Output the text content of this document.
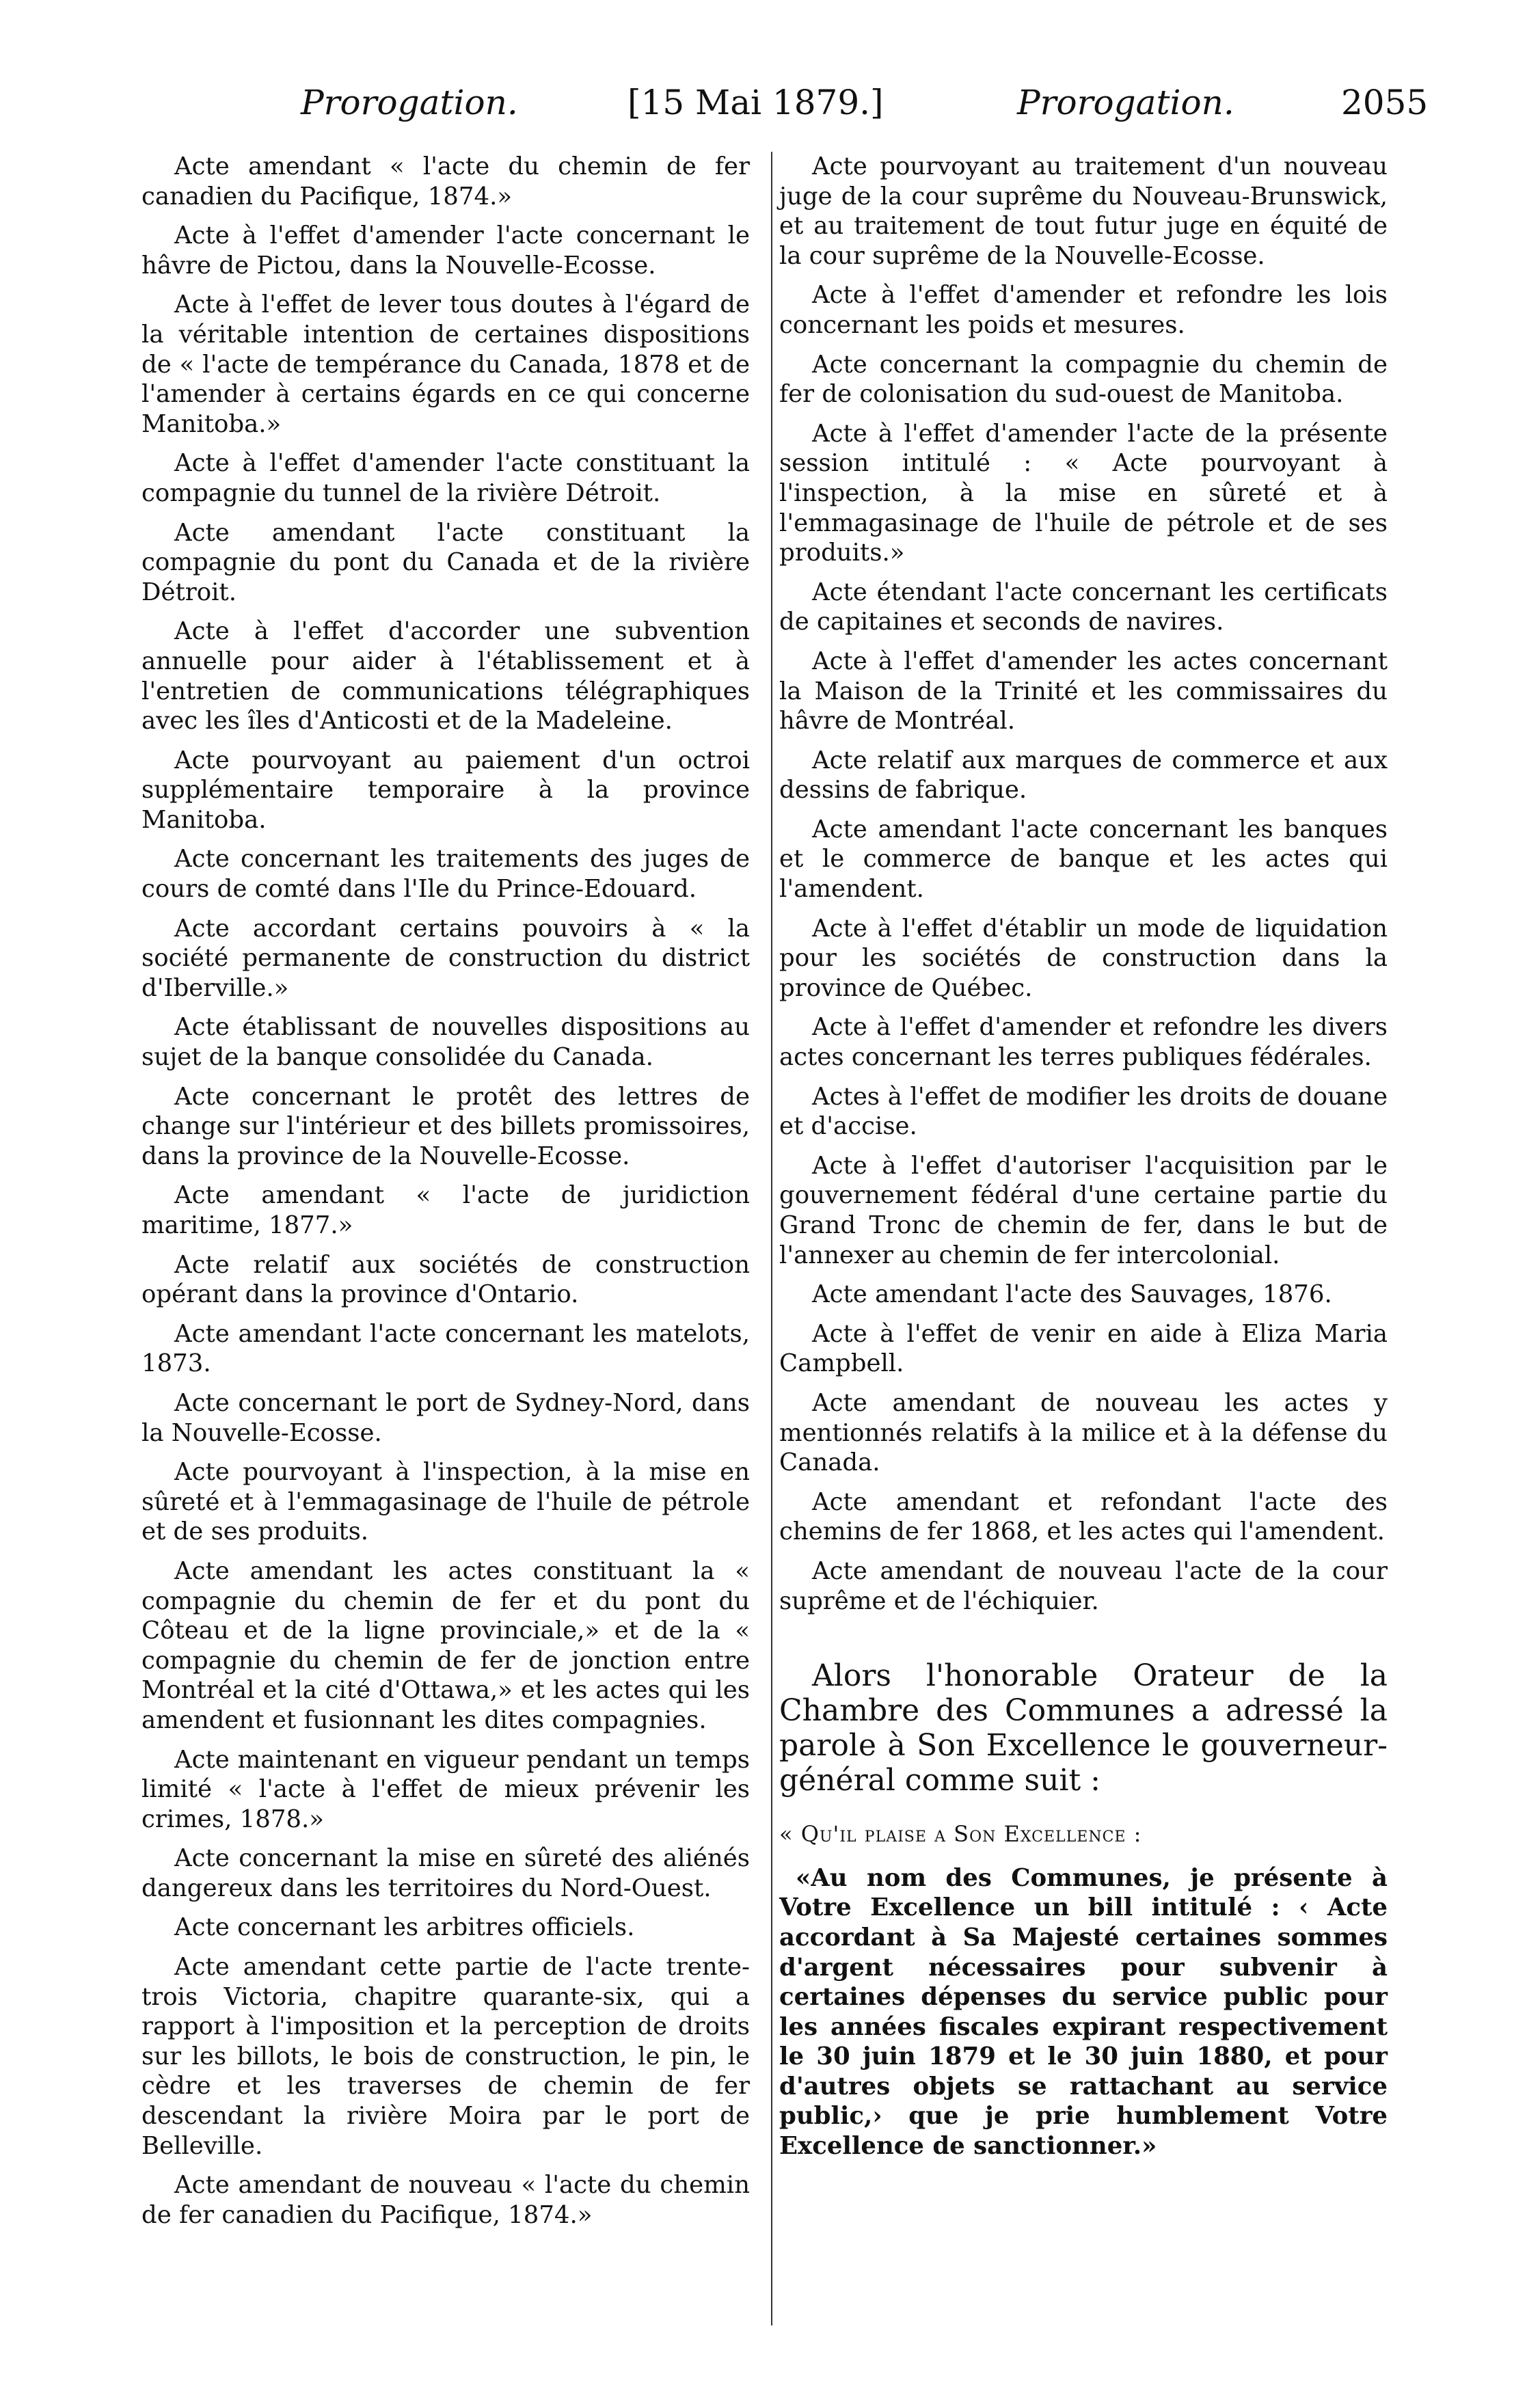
Prorogation.	[15 Mai 1879.]	Prorogation.	2055

Acte amendant « l'acte du chemin de fer canadien du Pacifique, 1874.»

Acte à l'effet d'amender l'acte concernant le hâvre de Pictou, dans la Nouvelle-Ecosse.

Acte à l'effet de lever tous doutes à l'égard de la véritable intention de certaines dispositions de « l'acte de tempérance du Canada, 1878 et de l'amender à certains égards en ce qui concerne Manitoba.»

Acte à l'effet d'amender l'acte constituant la compagnie du tunnel de la rivière Détroit.

Acte amendant l'acte constituant la compagnie du pont du Canada et de la rivière Détroit.

Acte à l'effet d'accorder une subvention annuelle pour aider à l'établissement et à l'entretien de communications télégraphiques avec les îles d'Anticosti et de la Madeleine.

Acte pourvoyant au paiement d'un octroi supplémentaire temporaire à la province Manitoba.

Acte concernant les traitements des juges de cours de comté dans l'Ile du Prince-Edouard.

Acte accordant certains pouvoirs à « la société permanente de construction du district d'Iberville.»

Acte établissant de nouvelles dispositions au sujet de la banque consolidée du Canada.

Acte concernant le protêt des lettres de change sur l'intérieur et des billets promissoires, dans la province de la Nouvelle-Ecosse.

Acte amendant « l'acte de juridiction maritime, 1877.»

Acte relatif aux sociétés de construction opérant dans la province d'Ontario.

Acte amendant l'acte concernant les matelots, 1873.

Acte concernant le port de Sydney-Nord, dans la Nouvelle-Ecosse.

Acte pourvoyant à l'inspection, à la mise en sûreté et à l'emmagasinage de l'huile de pétrole et de ses produits.

Acte amendant les actes constituant la « compagnie du chemin de fer et du pont du Côteau et de la ligne provinciale,» et de la « compagnie du chemin de fer de jonction entre Montréal et la cité d'Ottawa,» et les actes qui les amendent et fusionnant les dites compagnies.

Acte maintenant en vigueur pendant un temps limité « l'acte à l'effet de mieux prévenir les crimes, 1878.»

Acte concernant la mise en sûreté des aliénés dangereux dans les territoires du Nord-Ouest.

Acte concernant les arbitres officiels.

Acte amendant cette partie de l'acte trente-trois Victoria, chapitre quarante-six, qui a rapport à l'imposition et la perception de droits sur les billots, le bois de construction, le pin, le cèdre et les traverses de chemin de fer descendant la rivière Moira par le port de Belleville.

Acte amendant de nouveau « l'acte du chemin de fer canadien du Pacifique, 1874.»

Acte pourvoyant au traitement d'un nouveau juge de la cour suprême du Nouveau-Brunswick, et au traitement de tout futur juge en équité de la cour suprême de la Nouvelle-Ecosse.

Acte à l'effet d'amender et refondre les lois concernant les poids et mesures.

Acte concernant la compagnie du chemin de fer de colonisation du sud-ouest de Manitoba.

Acte à l'effet d'amender l'acte de la présente session intitulé : « Acte pourvoyant à l'inspection, à la mise en sûreté et à l'emmagasinage de l'huile de pétrole et de ses produits.»

Acte étendant l'acte concernant les certificats de capitaines et seconds de navires.

Acte à l'effet d'amender les actes concernant la Maison de la Trinité et les commissaires du hâvre de Montréal.

Acte relatif aux marques de commerce et aux dessins de fabrique.

Acte amendant l'acte concernant les banques et le commerce de banque et les actes qui l'amendent.

Acte à l'effet d'établir un mode de liquidation pour les sociétés de construction dans la province de Québec.

Acte à l'effet d'amender et refondre les divers actes concernant les terres publiques fédérales.

Actes à l'effet de modifier les droits de douane et d'accise.

Acte à l'effet d'autoriser l'acquisition par le gouvernement fédéral d'une certaine partie du Grand Tronc de chemin de fer, dans le but de l'annexer au chemin de fer intercolonial.

Acte amendant l'acte des Sauvages, 1876.

Acte à l'effet de venir en aide à Eliza Maria Campbell.

Acte amendant de nouveau les actes y mentionnés relatifs à la milice et à la défense du Canada.

Acte amendant et refondant l'acte des chemins de fer 1868, et les actes qui l'amendent.

Acte amendant de nouveau l'acte de la cour suprême et de l'échiquier.

Alors l'honorable Orateur de la Chambre des Communes a adressé la parole à Son Excellence le gouverneur-général comme suit :

« Qu'il plaise a Son Excellence :

«Au nom des Communes, je présente à Votre Excellence un bill intitulé : ‹ Acte accordant à Sa Majesté certaines sommes d'argent nécessaires pour subvenir à certaines dépenses du service public pour les années fiscales expirant respectivement le 30 juin 1879 et le 30 juin 1880, et pour d'autres objets se rattachant au service public,› que je prie humblement Votre Excellence de sanctionner.»
